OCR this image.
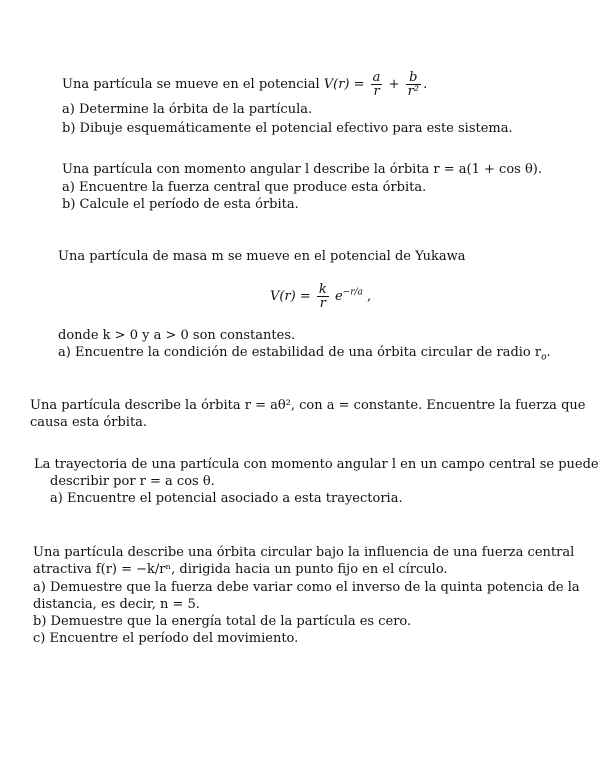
Una partícula se mueve en el potencial $V(r) = \frac{a}{r} + \frac{b}{\text{r²}}$ .
a) Determine la órbita de la partícula.
b) Dibuje esquemáticamente el potencial efectivo para este sistema.
Una partícula con momento angular l describe la órbita r = a(1 + cos θ).
a) Encuentre la fuerza central que produce esta órbita.
b) Calcule el período de esta órbita.
Una partícula de masa m se mueve en el potencial de Yukawa
$V(r) = \frac{k}{r} e^{-r/a}$ ,
donde k > 0 y a > 0 son constantes.
a) Encuentre la condición de estabilidad de una órbita circular de radio $r_o$.
Una partícula describe la órbita r = aθ², con a = constante. Encuentre la fuerza que
causa esta órbita.
La trayectoria de una partícula con momento angular l en un campo central se puede
describir por r = a cos θ.
a) Encuentre el potencial asociado a esta trayectoria.
Una partícula describe una órbita circular bajo la influencia de una fuerza central
atractiva f(r) = −k/rⁿ, dirigida hacia un punto fijo en el círculo.
a) Demuestre que la fuerza debe variar como el inverso de la quinta potencia de la
distancia, es decir, n = 5.
b) Demuestre que la energía total de la partícula es cero.
c) Encuentre el período del movimiento.
